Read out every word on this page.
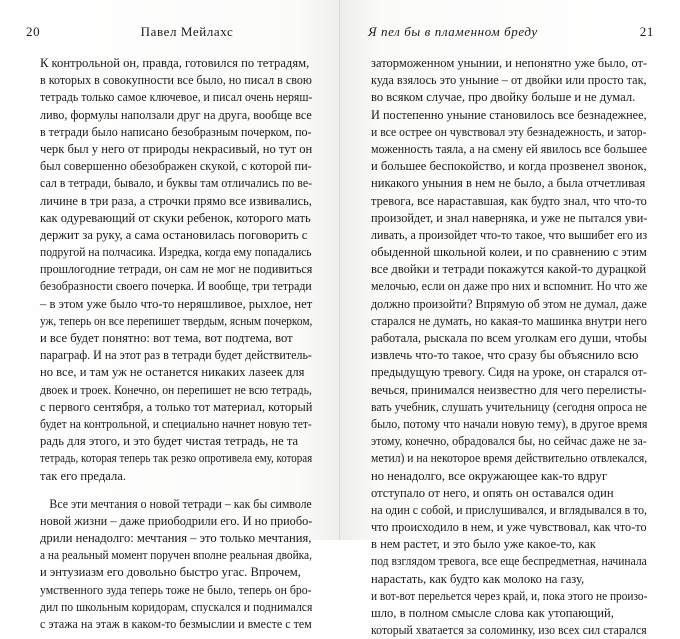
20	Павел Мейлахс
К контрольной он, правда, готовился по тетрадям,
в которых в совокупности все было, но писал в свою
тетрадь только самое ключевое, и писал очень неряш-
ливо, формулы наползали друг на друга, вообще все
в тетради было написано безобразным почерком, по-
черк был у него от природы некрасивый, но тут он
был совершенно обезображен скукой, с которой пи-
сал в тетради, бывало, и буквы там отличались по ве-
личине в три раза, а строчки прямо все извивались,
как одуревающий от скуки ребенок, которого мать
держит за руку, а сама остановилась поговорить с
подругой на полчасика. Изредка, когда ему попадались
прошлогодние тетради, он сам не мог не подивиться
безобразности своего почерка. И вообще, три тетради
– в этом уже было что-то неряшливое, рыхлое, нет
уж, теперь он все перепишет твердым, ясным почерком,
и все будет понятно: вот тема, вот подтема, вот
параграф. И на этот раз в тетради будет действитель-
но все, и там уж не останется никаких лазеек для
двоек и троек. Конечно, он перепишет не всю тетрадь,
с первого сентября, а только тот материал, который
будет на контрольной, и специально начнет новую тет-
радь для этого, и это будет чистая тетрадь, не та
тетрадь, которая теперь так резко опротивела ему, которая
так его предала.
Все эти мечтания о новой тетради – как бы символе
новой жизни – даже приободрили его. И но приобо-
дрили ненадолго: мечтания – это только мечтания,
а на реальный момент поручен вполне реальная двойка,
и энтузиазм его довольно быстро угас. Впрочем,
умственного зуда теперь тоже не было, теперь он бро-
дил по школьным коридорам, спускался и поднимался
с этажа на этаж в каком-то безмыслии и вместе с тем
Я пел бы в пламенном бреду	21
заторможенном унынии, и непонятно уже было, от-
куда взялось это уныние – от двойки или просто так,
во всяком случае, про двойку больше и не думал.
И постепенно уныние становилось все безнадежнее,
и все острее он чувствовал эту безнадежность, и затор-
моженность таяла, а на смену ей явилось все большее
и большее беспокойство, и когда прозвенел звонок,
никакого уныния в нем не было, а была отчетливая
тревога, все нараставшая, как будто знал, что что-то
произойдет, и знал наверняка, и уже не пытался уви-
ливать, а произойдет что-то такое, что вышибет его из
обыденной школьной колеи, и по сравнению с этим
все двойки и тетради покажутся какой-то дурацкой
мелочью, если он даже про них и вспомнит. Но что же
должно произойти? Впрямую об этом не думал, даже
старался не думать, но какая-то машинка внутри него
работала, рыскала по всем уголкам его души, чтобы
извлечь что-то такое, что сразу бы объяснило всю
предыдущую тревогу. Сидя на уроке, он старался от-
вечься, принимался неизвестно для чего перелисты-
вать учебник, слушать учительницу (сегодня опроса не
было, потому что начали новую тему), в другое время
этому, конечно, обрадовался бы, но сейчас даже не за-
метил) и на некоторое время действительно отвлекался,
но ненадолго, все окружающее как-то вдруг
отступало от него, и опять он оставался один
на один с собой, и прислушивался, и вглядывался в то,
что происходило в нем, и уже чувствовал, как что-то
в нем растет, и это было уже какое-то, как
под взглядом тревога, все еще беспредметная, начинала
нарастать, как будто как молоко на газу,
и вот-вот перельется через край, и, пока этого не произо-
шло, в полном смысле слова как утопающий,
который хватается за соломинку, изо всех сил старался
